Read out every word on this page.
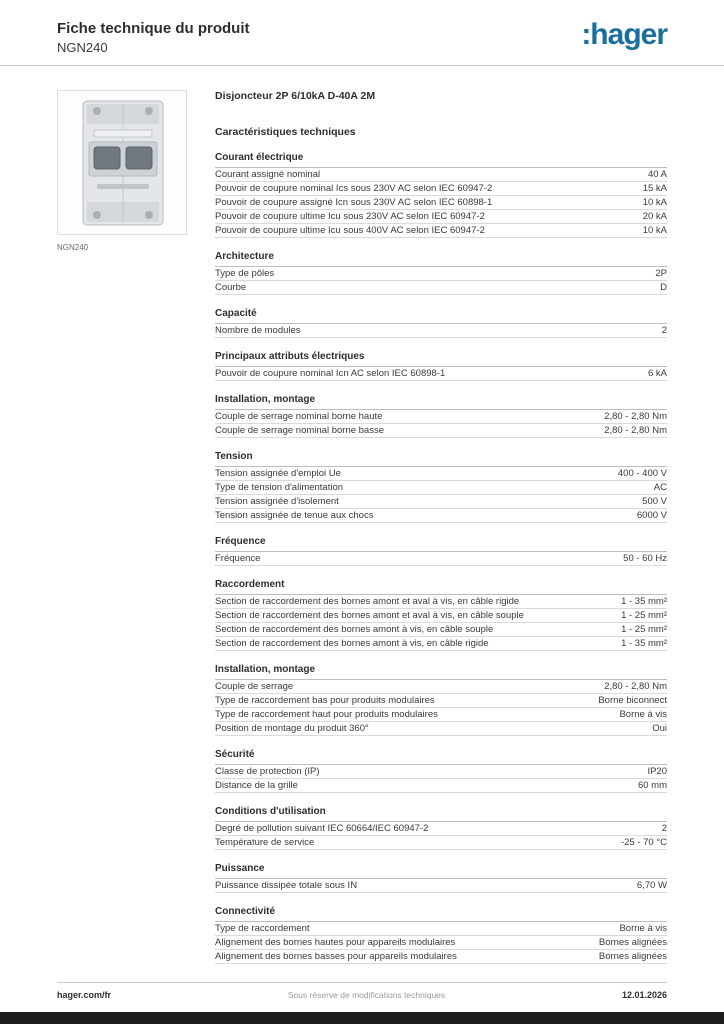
Fiche technique du produit
NGN240	:hager
NGN240
Disjoncteur 2P 6/10kA D-40A 2M
Caractéristiques techniques
Courant électrique
Courant assigné nominal	40 A
Pouvoir de coupure nominal Ics sous 230V AC selon IEC 60947-2	15 kA
Pouvoir de coupure assigné Icn sous 230V AC selon IEC 60898-1	10 kA
Pouvoir de coupure ultime Icu sous 230V AC selon IEC 60947-2	20 kA
Pouvoir de coupure ultime Icu sous 400V AC selon IEC 60947-2	10 kA
Architecture
Type de pôles	2P
Courbe	D
Capacité
Nombre de modules	2
Principaux attributs électriques
Pouvoir de coupure nominal Icn AC selon IEC 60898-1	6 kA
Installation, montage
Couple de serrage nominal borne haute	2,80 - 2,80 Nm
Couple de serrage nominal borne basse	2,80 - 2,80 Nm
Tension
Tension assignée d'emploi Ue	400 - 400 V
Type de tension d'alimentation	AC
Tension assignée d'isolement	500 V
Tension assignée de tenue aux chocs	6000 V
Fréquence
Fréquence	50 - 60 Hz
Raccordement
Section de raccordement des bornes amont et aval à vis, en câble rigide	1 - 35 mm²
Section de raccordement des bornes amont et aval à vis, en câble souple	1 - 25 mm²
Section de raccordement des bornes amont à vis, en câble souple	1 - 25 mm²
Section de raccordement des bornes amont à vis, en câble rigide	1 - 35 mm²
Installation, montage
Couple de serrage	2,80 - 2,80 Nm
Type de raccordement bas pour produits modulaires	Borne biconnect
Type de raccordement haut pour produits modulaires	Borne à vis
Position de montage du produit 360°	Oui
Sécurité
Classe de protection (IP)	IP20
Distance de la grille	60 mm
Conditions d'utilisation
Degré de pollution suivant IEC 60664/IEC 60947-2	2
Température de service	-25 - 70 °C
Puissance
Puissance dissipée totale sous IN	6,70 W
Connectivité
Type de raccordement	Borne à vis
Alignement des bornes hautes pour appareils modulaires	Bornes alignées
Alignement des bornes basses pour appareils modulaires	Bornes alignées
hager.com/fr	Sous réserve de modifications techniques	12.01.2026
